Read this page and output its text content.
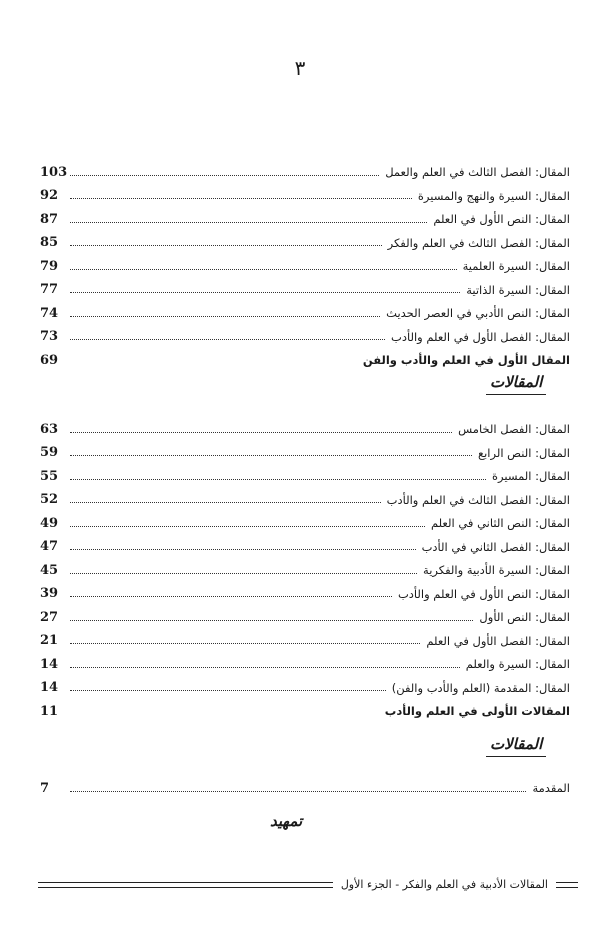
٣
103	المقال: الفصل الثالث في العلم والعمل
92	المقال: السيرة والنهج والمسيرة
87	المقال: النص الأول في العلم
85	المقال: الفصل الثالث في العلم والفكر
79	المقال: السيرة العلمية
77	المقال: السيرة الذاتية
74	المقال: النص الأدبي في العصر الحديث
73	المقال: الفصل الأول في العلم والأدب
69	المقال الأول في العلم والأدب والفن
المقالات
63	المقال: الفصل الخامس
59	المقال: النص الرابع
55	المقال: المسيرة
52	المقال: الفصل الثالث في العلم والأدب
49	المقال: النص الثاني في العلم
47	المقال: الفصل الثاني في الأدب
45	المقال: السيرة الأدبية والفكرية
39	المقال: النص الأول في العلم والأدب
27	المقال: النص الأول
21	المقال: الفصل الأول في العلم
14	المقال: السيرة والعلم
14	المقال: المقدمة (العلم والأدب والفن)
11	المقالات الأولى في العلم والأدب
المقالات
7	المقدمة
تمهيد
المقالات الأدبية في العلم والفكر - الجزء الأول
